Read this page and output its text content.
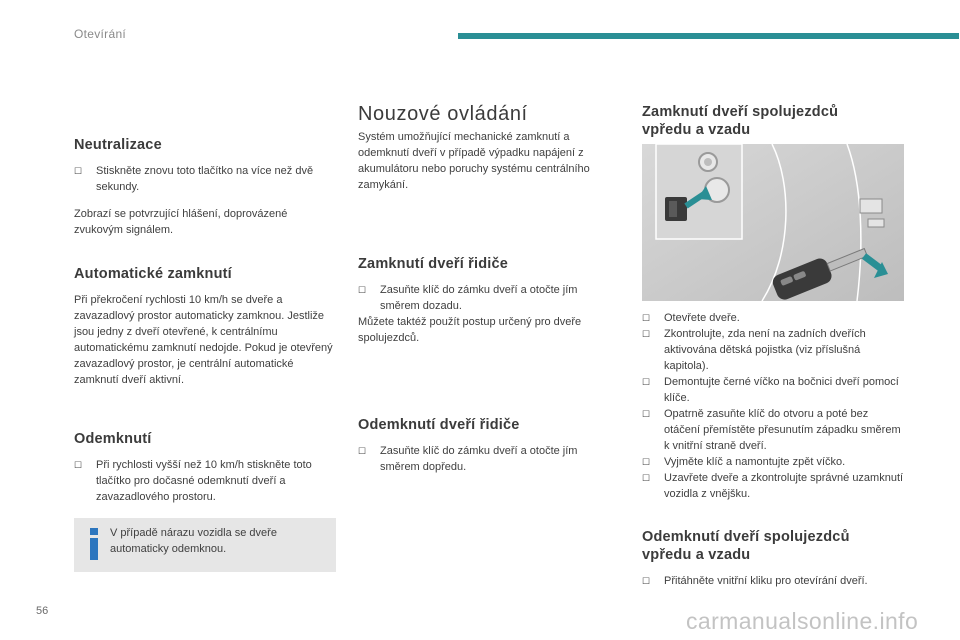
Otevírání
Neutralizace
☐ Stiskněte znovu toto tlačítko na více než dvě sekundy.

Zobrazí se potvrzující hlášení, doprovázené zvukovým signálem.

Automatické zamknutí

Při překročení rychlosti 10 km/h se dveře a zavazadlový prostor automaticky zamknou. Jestliže jsou jedny z dveří otevřené, k centrálnímu automatickému zamknutí nedojde. Pokud je otevřený zavazadlový prostor, je centrální automatické zamknutí dveří aktivní.

Odemknutí
☐ Při rychlosti vyšší než 10 km/h stiskněte toto tlačítko pro dočasné odemknutí dveří a zavazadlového prostoru.
V případě nárazu vozidla se dveře automaticky odemknou.
Nouzové ovládání

Systém umožňující mechanické zamknutí a odemknutí dveří v případě výpadku napájení z akumulátoru nebo poruchy systému centrálního zamykání.

Zamknutí dveří řidiče
☐ Zasuňte klíč do zámku dveří a otočte jím směrem dozadu.

Můžete taktéž použít postup určený pro dveře spolujezdců.

Odemknutí dveří řidiče
☐ Zasuňte klíč do zámku dveří a otočte jím směrem dopředu.
Zamknutí dveří spolujezdců
vpředu a vzadu
☐ Otevřete dveře.
☐ Zkontrolujte, zda není na zadních dveřích aktivována dětská pojistka (viz příslušná kapitola).
☐ Demontujte černé víčko na bočnici dveří pomocí klíče.
☐ Opatrně zasuňte klíč do otvoru a poté bez otáčení přemístěte přesunutím západku směrem k vnitřní straně dveří.
☐ Vyjměte klíč a namontujte zpět víčko.
☐ Uzavřete dveře a zkontrolujte správné uzamknutí vozidla z vnějšku.
Odemknutí dveří spolujezdců
vpředu a vzadu
☐ Přitáhněte vnitřní kliku pro otevírání dveří.
56	carmanualsonline.info
